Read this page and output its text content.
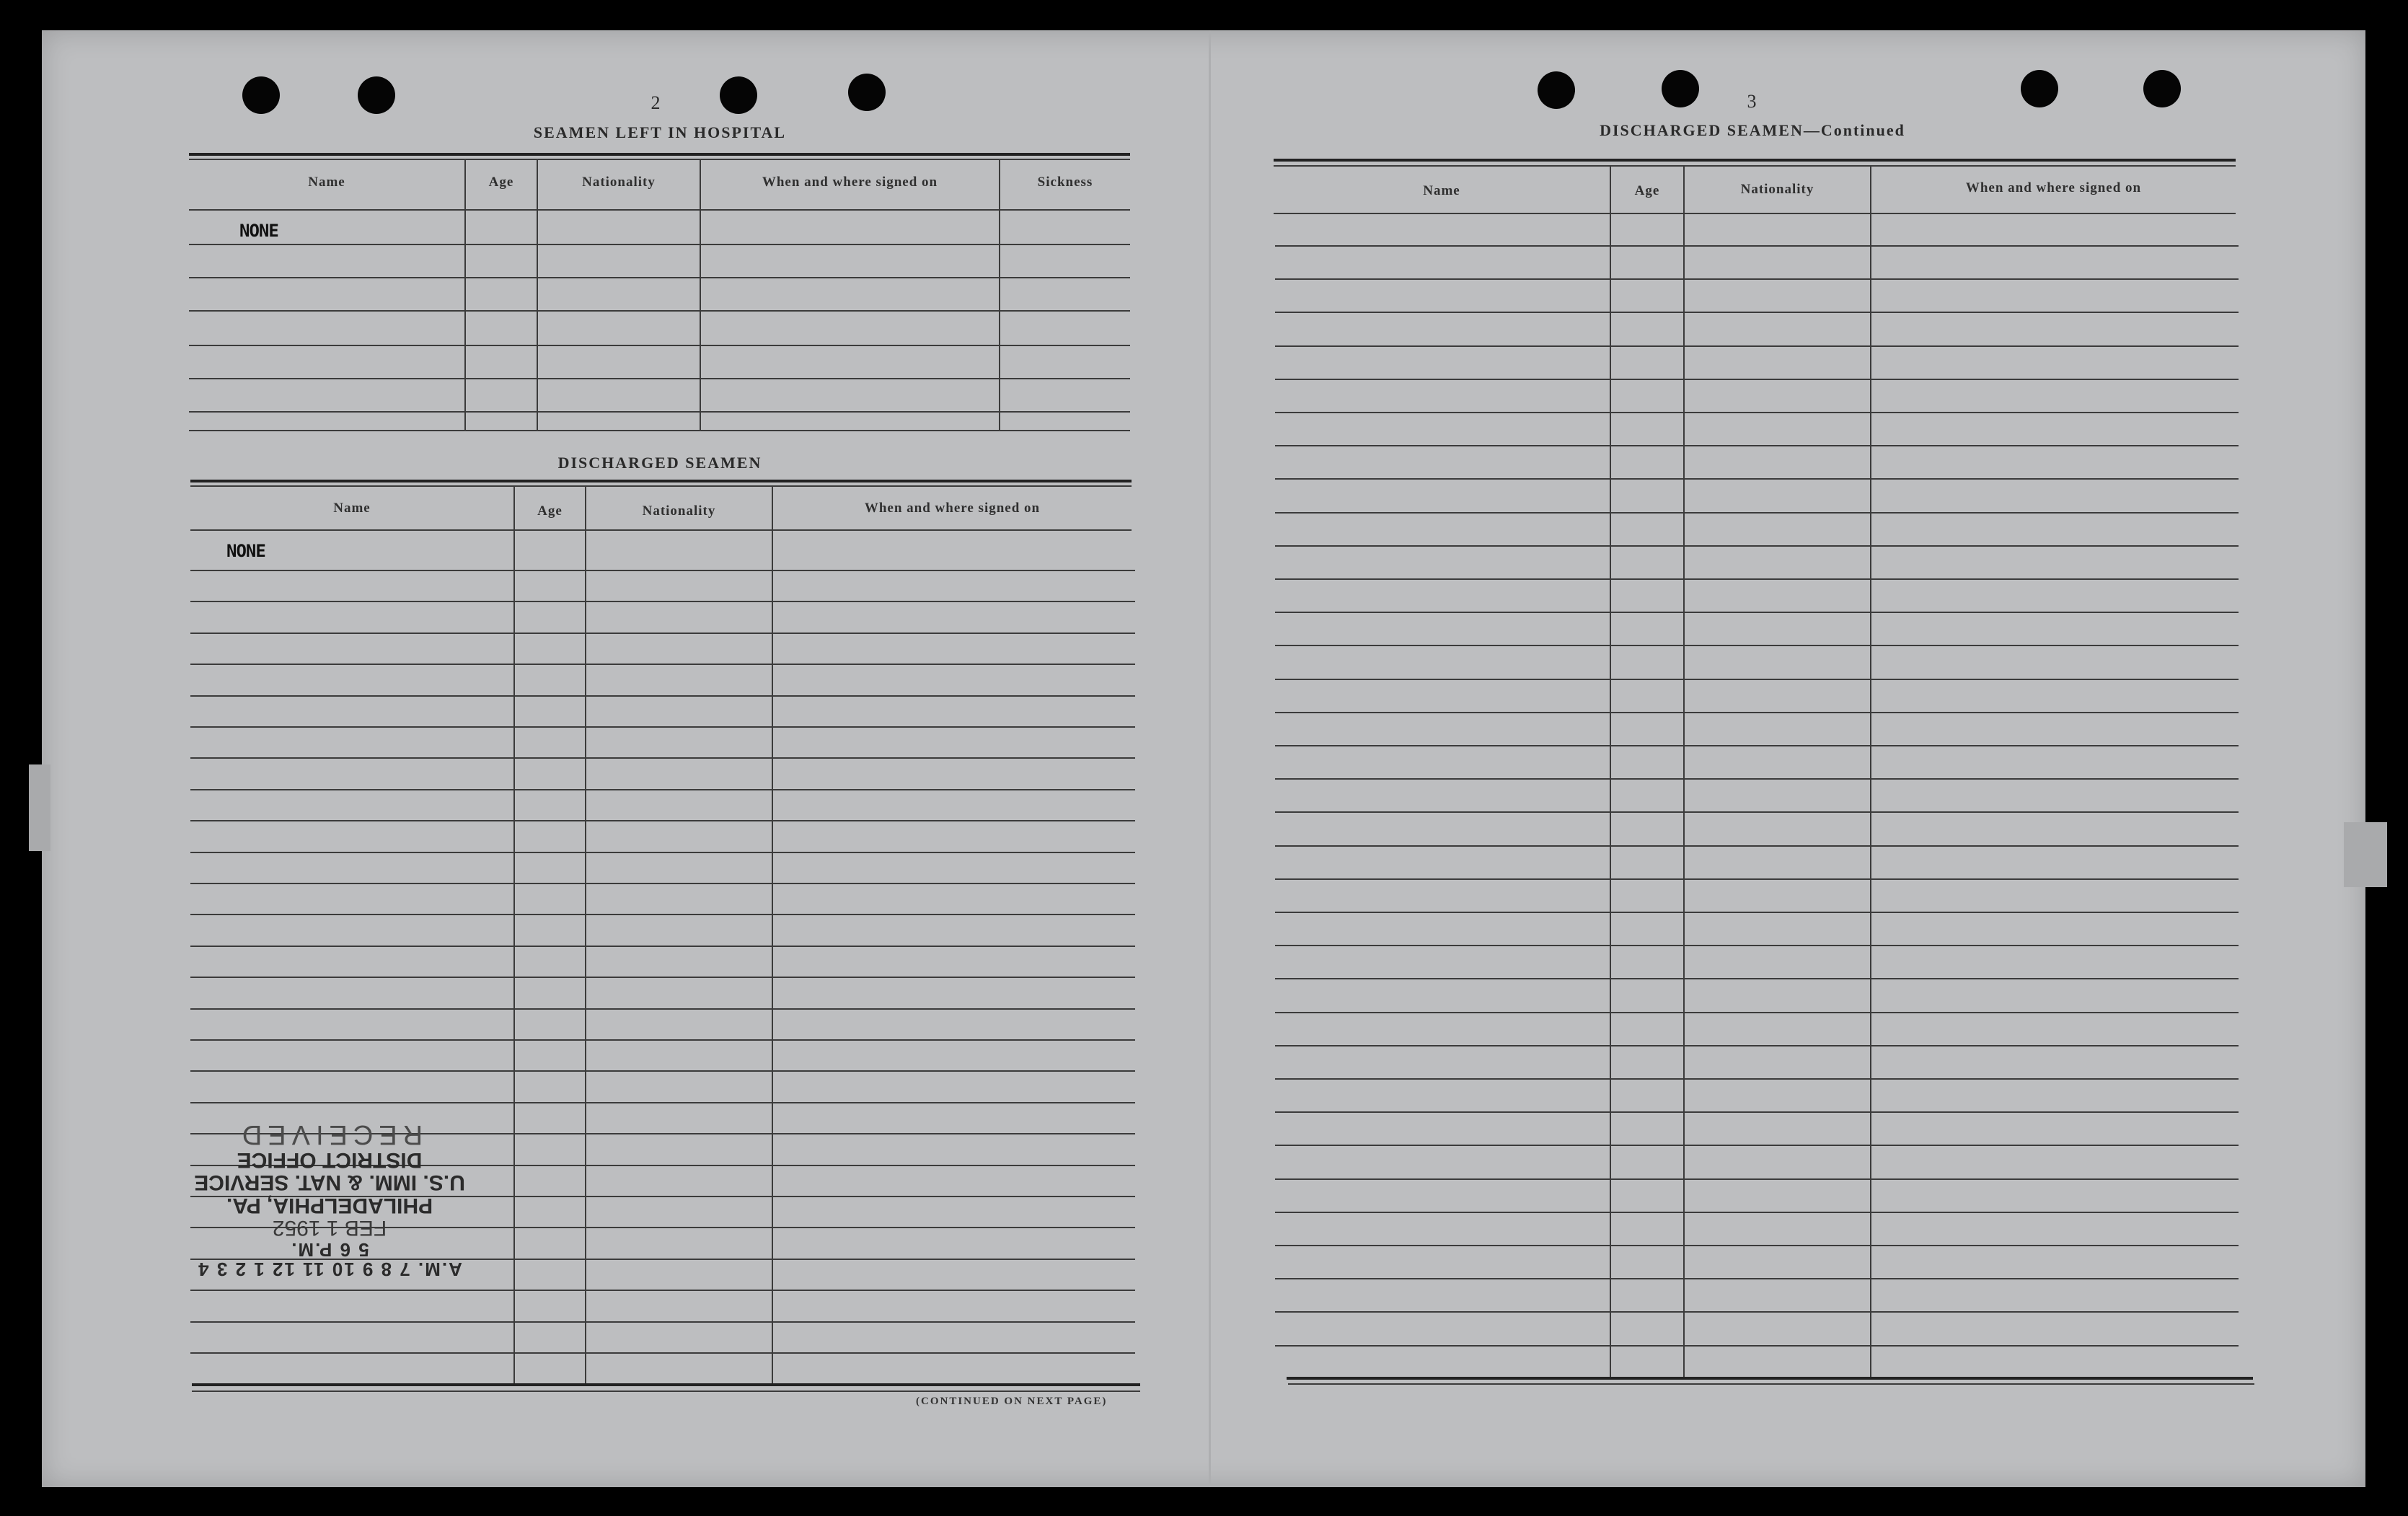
2
SEAMEN LEFT IN HOSPITAL
Name	Age	Nationality	When and where signed on	Sickness
NONE
DISCHARGED SEAMEN
Name	Age	Nationality	When and where signed on
NONE
A.M. 7 8 9 10 11 12 1 2 3 4 5 6 P.M.
FEB 1 1952
PHILADELPHIA, PA.
U.S. IMM. & NAT. SERVICE
DISTRICT OFFICE
RECEIVED
(CONTINUED ON NEXT PAGE)
3
DISCHARGED SEAMEN—Continued
Name	Age	Nationality	When and where signed on
